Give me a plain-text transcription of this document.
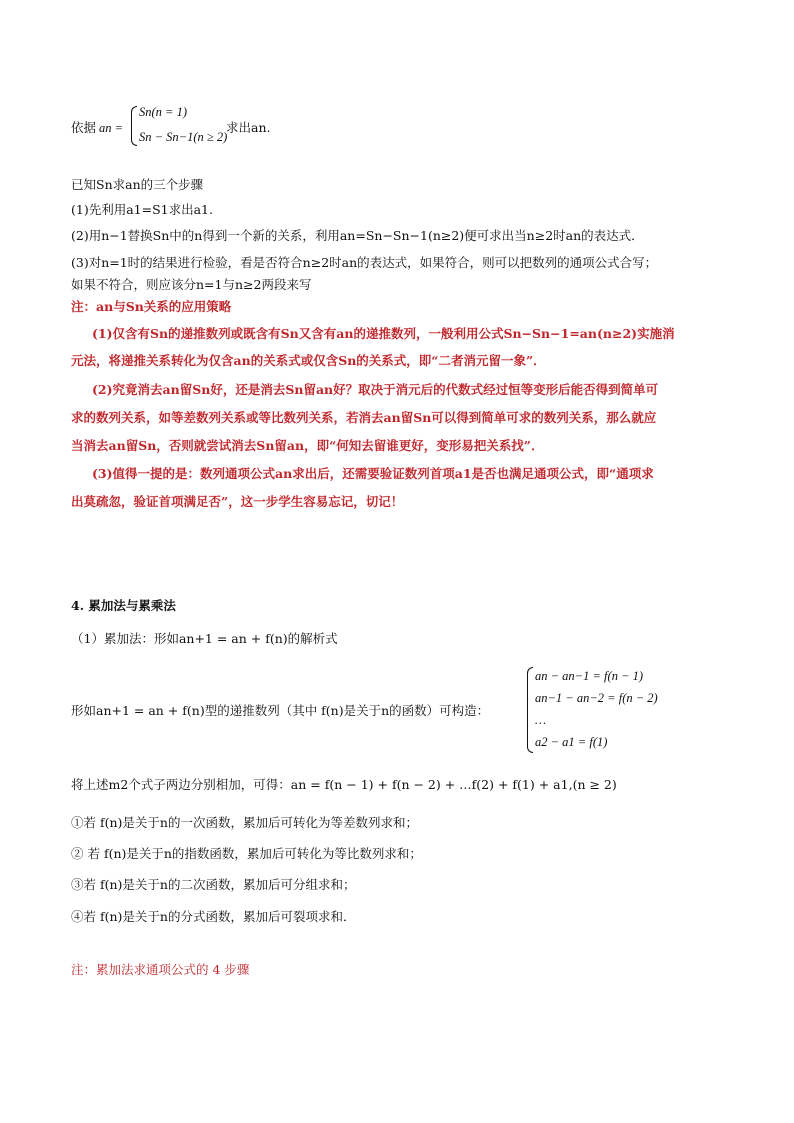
依据 an =
Sn(n = 1)
Sn − Sn−1(n ≥ 2)
求出an.
已知Sn求an的三个步骤
(1)先利用a1=S1求出a1.
(2)用n−1替换Sn中的n得到一个新的关系，利用an=Sn−Sn−1(n≥2)便可求出当n≥2时an的表达式．
(3)对n=1时的结果进行检验，看是否符合n≥2时an的表达式，如果符合，则可以把数列的通项公式合写；
如果不符合，则应该分n=1与n≥2两段来写
注：an与Sn关系的应用策略
(1)仅含有Sn的递推数列或既含有Sn又含有an的递推数列，一般利用公式Sn−Sn−1=an(n≥2)实施消
元法，将递推关系转化为仅含an的关系式或仅含Sn的关系式，即“二者消元留一象”．
(2)究竟消去an留Sn好，还是消去Sn留an好？取决于消元后的代数式经过恒等变形后能否得到简单可
求的数列关系，如等差数列关系或等比数列关系，若消去an留Sn可以得到简单可求的数列关系，那么就应
当消去an留Sn，否则就尝试消去Sn留an，即“何知去留谁更好，变形易把关系找”．
(3)值得一提的是：数列通项公式an求出后，还需要验证数列首项a1是否也满足通项公式，即“通项求
出莫疏忽，验证首项满足否”，这一步学生容易忘记，切记！
4. 累加法与累乘法
（1）累加法：形如an+1 = an + f(n)的解析式
形如an+1 = an + f(n)型的递推数列（其中 f(n)是关于n的函数）可构造：
an − an−1 = f(n − 1)
an−1 − an−2 = f(n − 2)
…
a2 − a1 = f(1)
将上述m2个式子两边分别相加，可得：an = f(n − 1) + f(n − 2) + …f(2) + f(1) + a1,(n ≥ 2)
①若 f(n)是关于n的一次函数，累加后可转化为等差数列求和；
② 若 f(n)是关于n的指数函数，累加后可转化为等比数列求和；
③若 f(n)是关于n的二次函数，累加后可分组求和；
④若 f(n)是关于n的分式函数，累加后可裂项求和．
注：累加法求通项公式的 4 步骤
